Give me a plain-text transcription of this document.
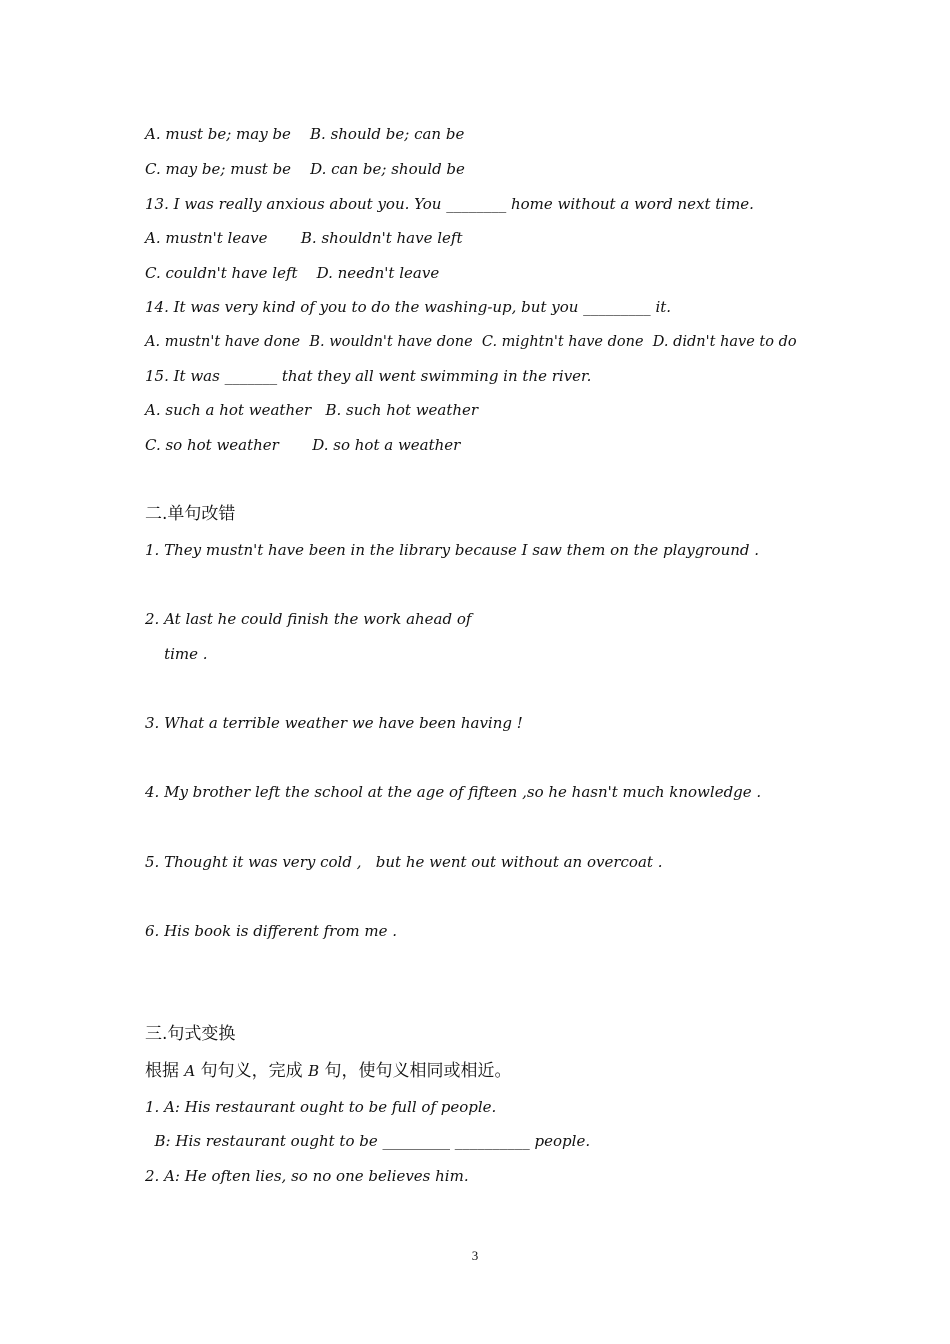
A. must be; may be    B. should be; can be
C. may be; must be    D. can be; should be
13. I was really anxious about you. You ________ home without a word next time.
A. mustn't leave       B. shouldn't have left
C. couldn't have left    D. needn't leave
14. It was very kind of you to do the washing-up, but you _________ it.
A. mustn't have done  B. wouldn't have done  C. mightn't have done  D. didn't have to do
15. It was _______ that they all went swimming in the river.
A. such a hot weather   B. such hot weather
C. so hot weather       D. so hot a weather
二.单句改错
1. They mustn't have been in the library because I saw them on the playground .
2. At last he could finish the work ahead of
time .
3. What a terrible weather we have been having !
4. My brother left the school at the age of fifteen ,so he hasn't much knowledge .
5. Thought it was very cold ,   but he went out without an overcoat .
6. His book is different from me .
三.句式变换
根据 A 句句义，完成 B 句，使句义相同或相近。
1. A: His restaurant ought to be full of people.
B: His restaurant ought to be _________ __________ people.
2. A: He often lies, so no one believes him.
3
